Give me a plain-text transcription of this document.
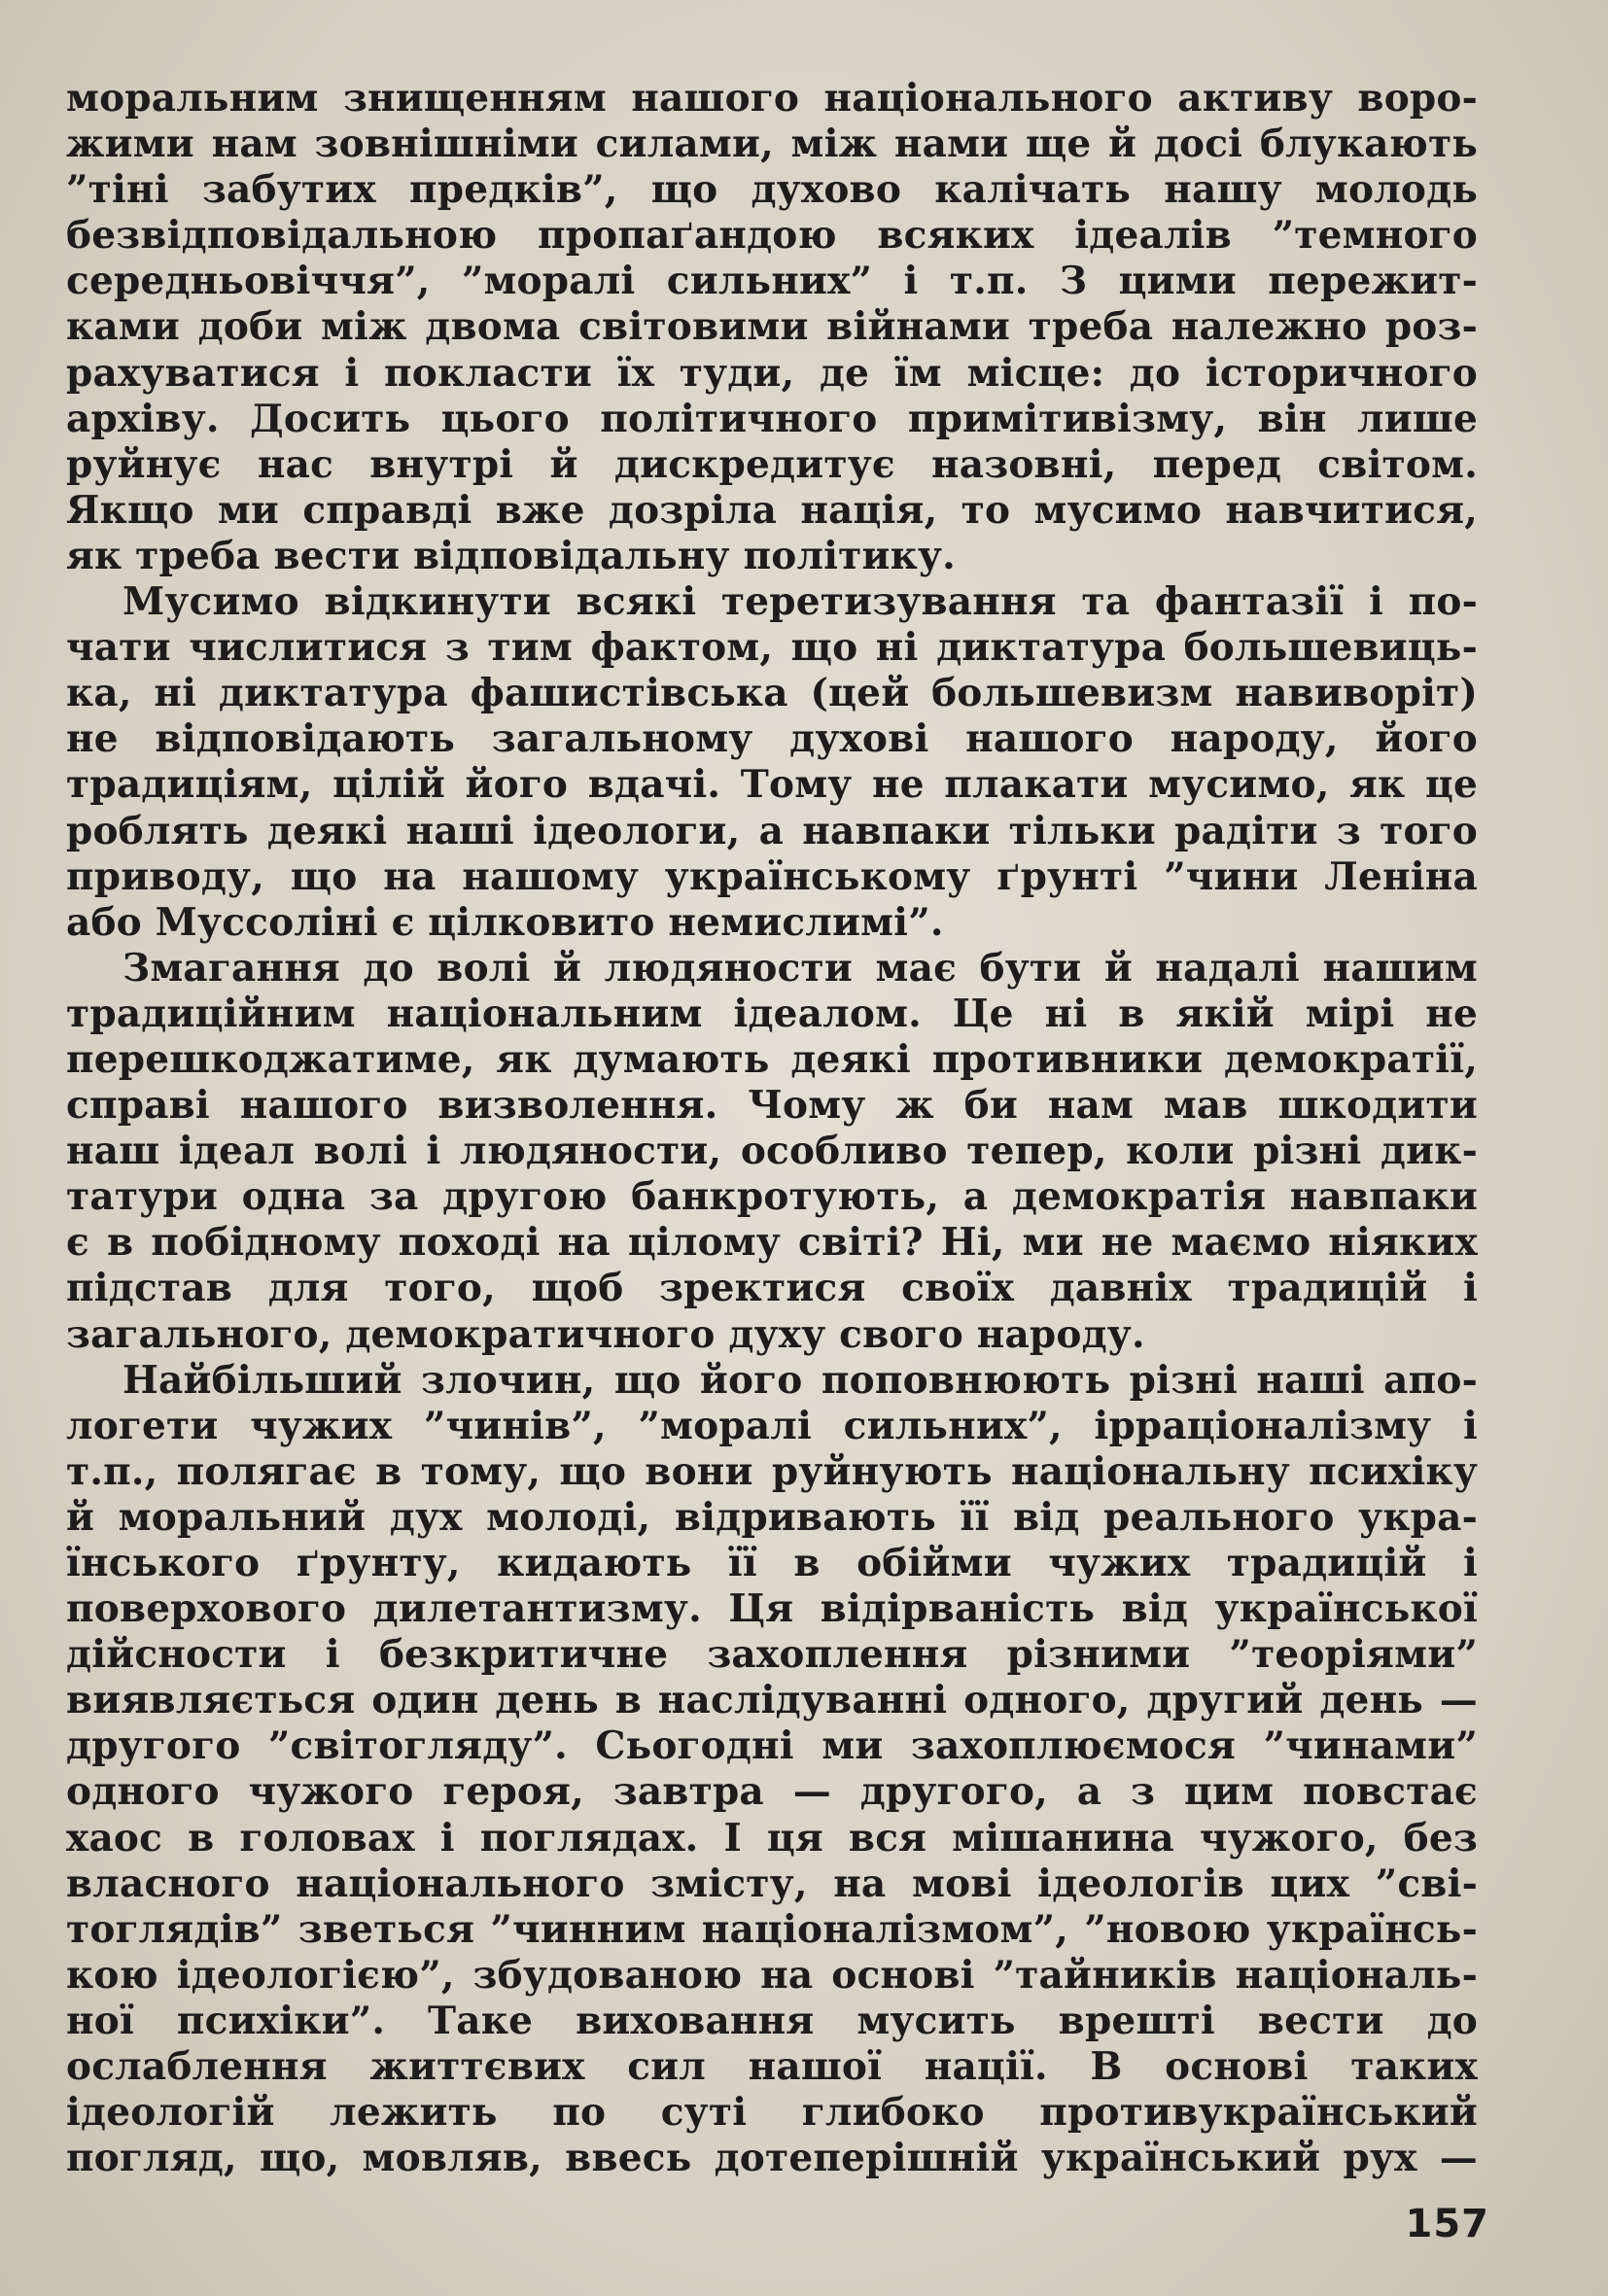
моральним знищенням нашого національного активу воро-
жими нам зовнішніми силами, між нами ще й досі блукають
”тіні забутих предків”, що духово калічать нашу молодь
безвідповідальною пропаґандою всяких ідеалів ”темного
середньовіччя”, ”моралі сильних” і т.п. З цими пережит-
ками доби між двома світовими війнами треба належно роз-
рахуватися і покласти їх туди, де їм місце: до історичного
архіву. Досить цього політичного примітивізму, він лише
руйнує нас внутрі й дискредитує назовні, перед світом.
Якщо ми справді вже дозріла нація, то мусимо навчитися,
як треба вести відповідальну політику.
Мусимо відкинути всякі теретизування та фантазії і по-
чати числитися з тим фактом, що ні диктатура большевиць-
ка, ні диктатура фашистівська (цей большевизм навиворіт)
не відповідають загальному духові нашого народу, його
традиціям, цілій його вдачі. Тому не плакати мусимо, як це
роблять деякі наші ідеологи, а навпаки тільки радіти з того
приводу, що на нашому українському ґрунті ”чини Леніна
або Муссоліні є цілковито немислимі”.
Змагання до волі й людяности має бути й надалі нашим
традиційним національним ідеалом. Це ні в якій мірі не
перешкоджатиме, як думають деякі противники демократії,
справі нашого визволення. Чому ж би нам мав шкодити
наш ідеал волі і людяности, особливо тепер, коли різні дик-
татури одна за другою банкротують, а демократія навпаки
є в побідному поході на цілому світі? Ні, ми не маємо ніяких
підстав для того, щоб зректися своїх давніх традицій і
загального, демократичного духу свого народу.
Найбільший злочин, що його поповнюють різні наші апо-
логети чужих ”чинів”, ”моралі сильних”, ірраціоналізму і
т.п., полягає в тому, що вони руйнують національну психіку
й моральний дух молоді, відривають її від реального укра-
їнського ґрунту, кидають її в обійми чужих традицій і
поверхового дилетантизму. Ця відірваність від української
дійсности і безкритичне захоплення різними ”теоріями”
виявляється один день в наслідуванні одного, другий день —
другого ”світогляду”. Сьогодні ми захоплюємося ”чинами”
одного чужого героя, завтра — другого, а з цим повстає
хаос в головах і поглядах. І ця вся мішанина чужого, без
власного національного змісту, на мові ідеологів цих ”сві-
тоглядів” зветься ”чинним націоналізмом”, ”новою українсь-
кою ідеологією”, збудованою на основі ”тайників національ-
ної психіки”. Таке виховання мусить врешті вести до
ослаблення життєвих сил нашої нації. В основі таких
ідеологій лежить по суті глибоко противукраїнський
погляд, що, мовляв, ввесь дотеперішній український рух —
157
